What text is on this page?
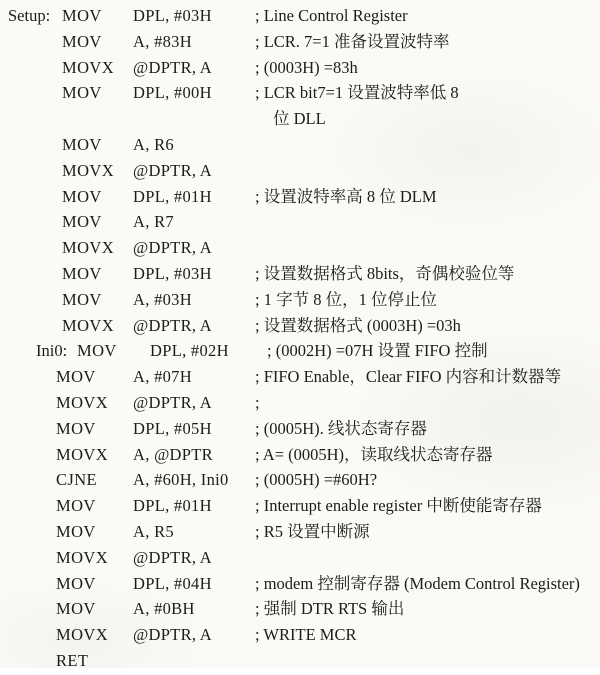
Setup: MOV DPL, #03H	; Line Control Register
MOV A, #83H	; LCR. 7=1 准备设置波特率
MOVX @DPTR, A	; (0003H) =83h
MOV DPL, #00H	; LCR bit7=1 设置波特率低 8
位 DLL
MOV A, R6
MOVX @DPTR, A
MOV DPL, #01H	; 设置波特率高 8 位 DLM
MOV A, R7
MOVX @DPTR, A
MOV DPL, #03H	; 设置数据格式 8bits，奇偶校验位等
MOV A, #03H	; 1 字节 8 位，1 位停止位
MOVX @DPTR, A	; 设置数据格式 (0003H) =03h
Ini0: MOV DPL, #02H ; (0002H) =07H 设置 FIFO 控制
MOV A, #07H	; FIFO Enable，Clear FIFO 内容和计数器等
MOVX @DPTR, A	;
MOV DPL, #05H	; (0005H). 线状态寄存器
MOVX A, @DPTR	; A= (0005H)，读取线状态寄存器
CJNE A, #60H, Ini0 ; (0005H) =#60H?
MOV DPL, #01H	; Interrupt enable register 中断使能寄存器
MOV A, R5	; R5 设置中断源
MOVX @DPTR, A
MOV DPL, #04H	; modem 控制寄存器 (Modem Control Register)
MOV A, #0BH	; 强制 DTR RTS 输出
MOVX @DPTR, A	; WRITE MCR
RET
